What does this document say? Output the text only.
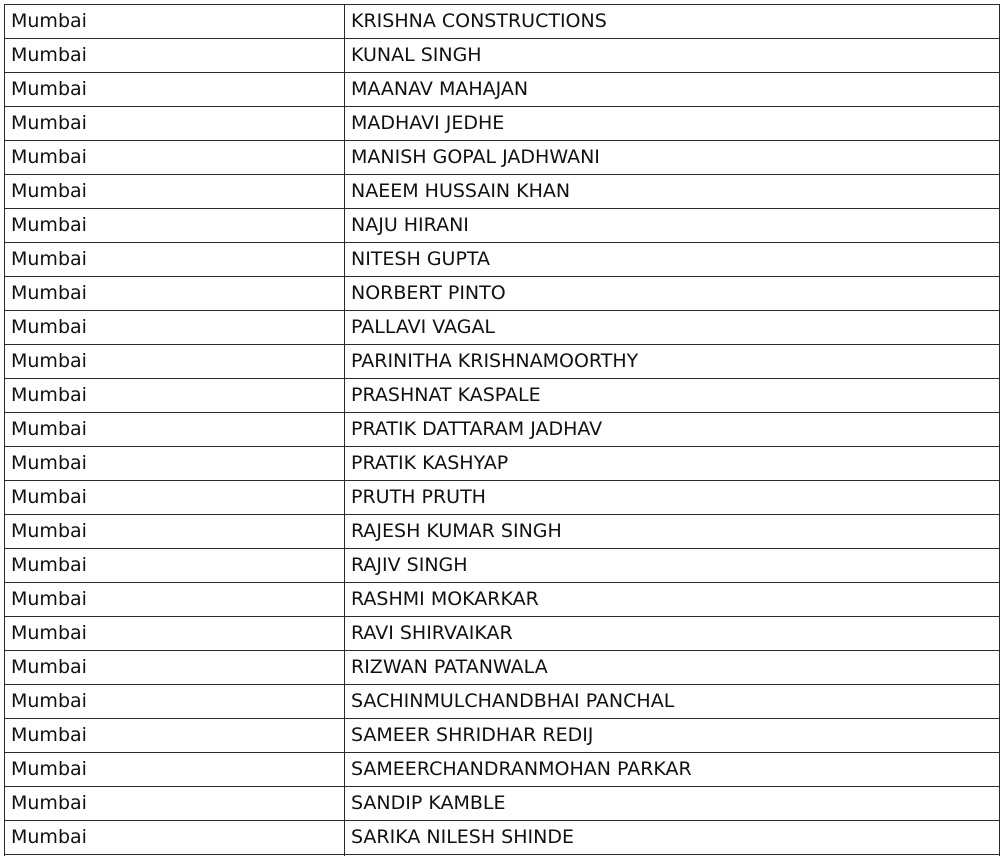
Mumbai	KRISHNA CONSTRUCTIONS
Mumbai	KUNAL SINGH
Mumbai	MAANAV MAHAJAN
Mumbai	MADHAVI JEDHE
Mumbai	MANISH GOPAL JADHWANI
Mumbai	NAEEM HUSSAIN KHAN
Mumbai	NAJU HIRANI
Mumbai	NITESH GUPTA
Mumbai	NORBERT PINTO
Mumbai	PALLAVI VAGAL
Mumbai	PARINITHA KRISHNAMOORTHY
Mumbai	PRASHNAT KASPALE
Mumbai	PRATIK DATTARAM JADHAV
Mumbai	PRATIK KASHYAP
Mumbai	PRUTH PRUTH
Mumbai	RAJESH KUMAR SINGH
Mumbai	RAJIV SINGH
Mumbai	RASHMI MOKARKAR
Mumbai	RAVI SHIRVAIKAR
Mumbai	RIZWAN PATANWALA
Mumbai	SACHINMULCHANDBHAI PANCHAL
Mumbai	SAMEER SHRIDHAR REDIJ
Mumbai	SAMEERCHANDRANMOHAN PARKAR
Mumbai	SANDIP KAMBLE
Mumbai	SARIKA NILESH SHINDE
